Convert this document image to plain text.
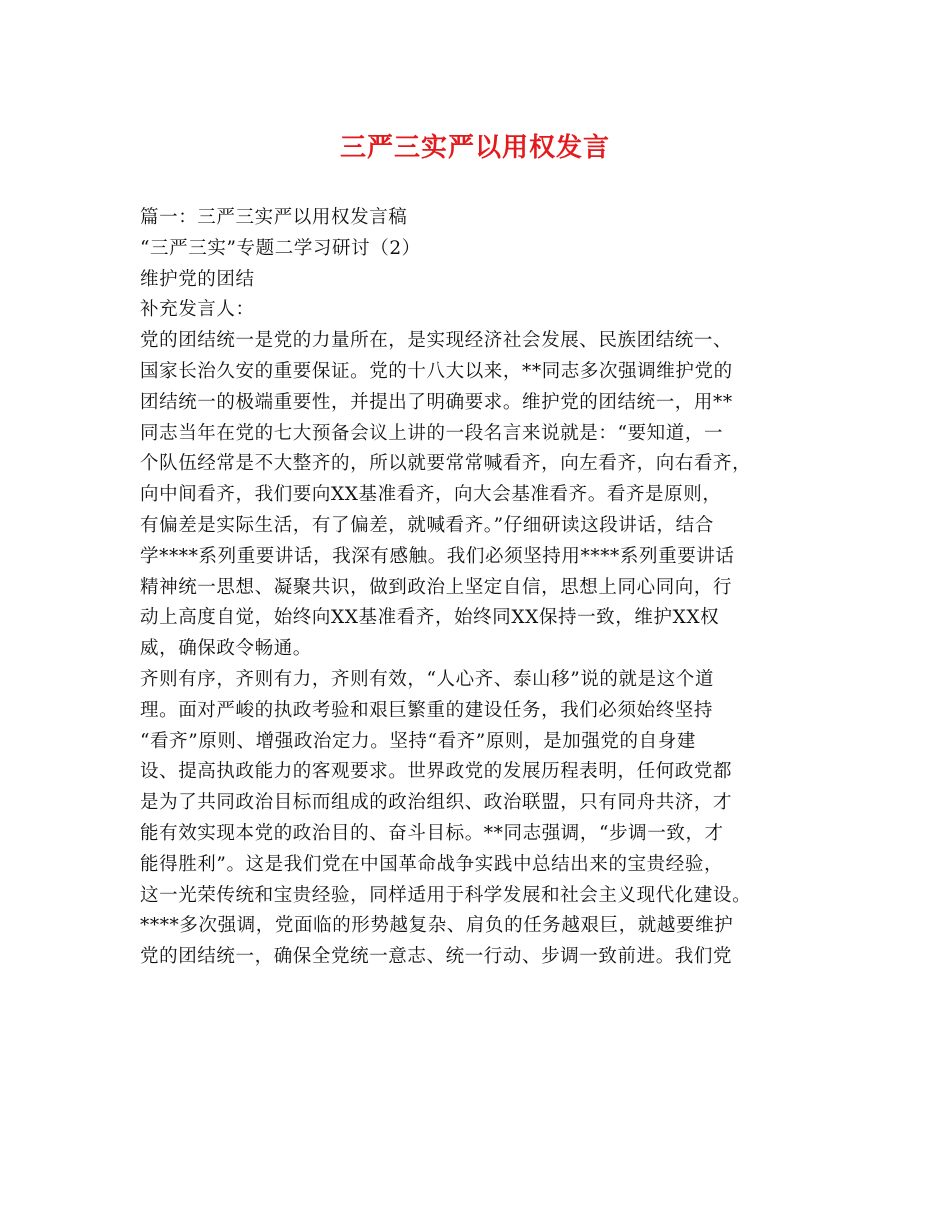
三严三实严以用权发言
篇一：三严三实严以用权发言稿
“三严三实”专题二学习研讨（2）
维护党的团结
补充发言人：
党的团结统一是党的力量所在，是实现经济社会发展、民族团结统一、
国家长治久安的重要保证。党的十八大以来，**同志多次强调维护党的
团结统一的极端重要性，并提出了明确要求。维护党的团结统一，用**
同志当年在党的七大预备会议上讲的一段名言来说就是：“要知道，一
个队伍经常是不大整齐的，所以就要常常喊看齐，向左看齐，向右看齐，
向中间看齐，我们要向XX基准看齐，向大会基准看齐。看齐是原则，
有偏差是实际生活，有了偏差，就喊看齐。”仔细研读这段讲话，结合
学****系列重要讲话，我深有感触。我们必须坚持用****系列重要讲话
精神统一思想、凝聚共识，做到政治上坚定自信，思想上同心同向，行
动上高度自觉，始终向XX基准看齐，始终同XX保持一致，维护XX权
威，确保政令畅通。
齐则有序，齐则有力，齐则有效，“人心齐、泰山移”说的就是这个道
理。面对严峻的执政考验和艰巨繁重的建设任务，我们必须始终坚持
“看齐”原则、增强政治定力。坚持“看齐”原则，是加强党的自身建
设、提高执政能力的客观要求。世界政党的发展历程表明，任何政党都
是为了共同政治目标而组成的政治组织、政治联盟，只有同舟共济，才
能有效实现本党的政治目的、奋斗目标。**同志强调，“步调一致，才
能得胜利”。这是我们党在中国革命战争实践中总结出来的宝贵经验，
这一光荣传统和宝贵经验，同样适用于科学发展和社会主义现代化建设。
****多次强调，党面临的形势越复杂、肩负的任务越艰巨，就越要维护
党的团结统一，确保全党统一意志、统一行动、步调一致前进。我们党
